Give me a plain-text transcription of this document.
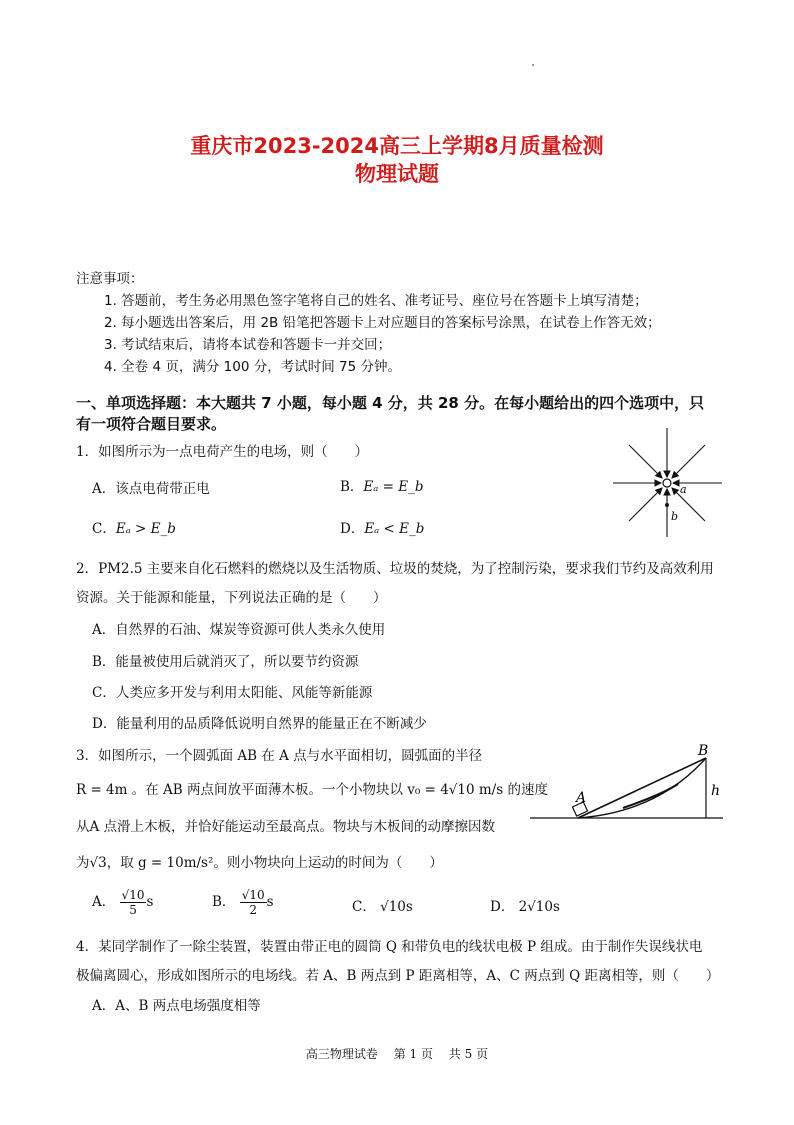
重庆市2023-2024高三上学期8月质量检测
物理试题
注意事项：
1. 答题前，考生务必用黑色签字笔将自己的姓名、准考证号、座位号在答题卡上填写清楚；
2. 每小题选出答案后，用 2B 铅笔把答题卡上对应题目的答案标号涂黑，在试卷上作答无效；
3. 考试结束后，请将本试卷和答题卡一并交回；
4. 全卷 4 页，满分 100 分，考试时间 75 分钟。
一、单项选择题：本大题共 7 小题，每小题 4 分，共 28 分。在每小题给出的四个选项中，只
有一项符合题目要求。
1．如图所示为一点电荷产生的电场，则（　　）
A．该点电荷带正电	B．Eₐ = E_b
C．Eₐ > E_b	D．Eₐ < E_b
a
b
2．PM2.5 主要来自化石燃料的燃烧以及生活物质、垃圾的焚烧，为了控制污染，要求我们节约及高效利用
资源。关于能源和能量，下列说法正确的是（　　）
A．自然界的石油、煤炭等资源可供人类永久使用
B．能量被使用后就消灭了，所以要节约资源
C．人类应多开发与利用太阳能、风能等新能源
D．能量利用的品质降低说明自然界的能量正在不断减少
3．如图所示，一个圆弧面 AB 在 A 点与水平面相切，圆弧面的半径
R = 4m 。在 AB 两点间放平面薄木板。一个小物块以 v₀ = 4√10 m/s 的速度
从A 点滑上木板，并恰好能运动至最高点。物块与木板间的动摩擦因数
为√3，取 g = 10m/s²。则小物块向上运动的时间为（　　）
A． $\frac{√10}{5}s$	B． $\frac{√10}{2}s$	C． √10s	D． 2√10s
A
B
h
4．某同学制作了一除尘装置，装置由带正电的圆筒 Q 和带负电的线状电极 P 组成。由于制作失误线状电
极偏离圆心，形成如图所示的电场线。若 A、B 两点到 P 距离相等，A、C 两点到 Q 距离相等，则（　　）
A．A、B 两点电场强度相等
高三物理试卷　 第 1 页　 共 5 页
